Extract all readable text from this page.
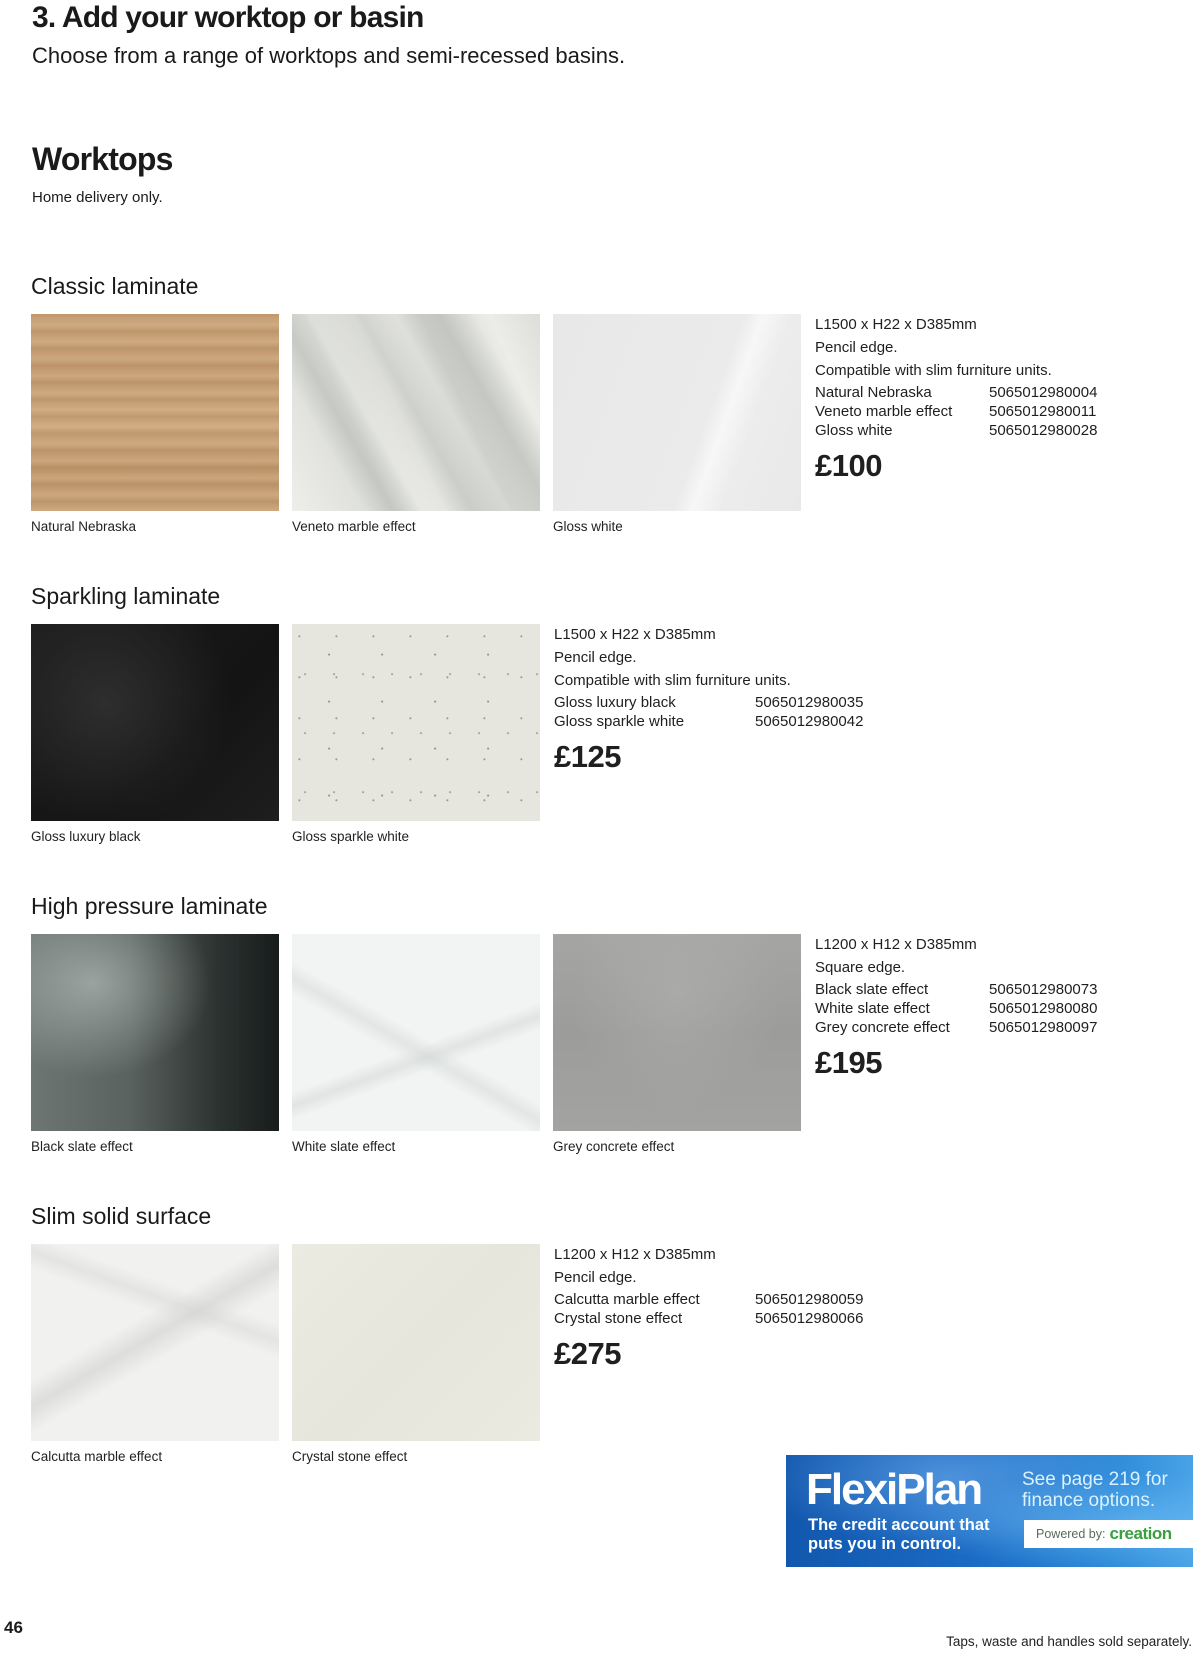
3. Add your worktop or basin
Choose from a range of worktops and semi-recessed basins.
Worktops
Home delivery only.
Classic laminate
Natural Nebraska	Veneto marble effect	Gloss white
L1500 x H22 x D385mm
Pencil edge.
Compatible with slim furniture units.
Natural Nebraska	5065012980004
Veneto marble effect	5065012980011
Gloss white	5065012980028
£100
Sparkling laminate
Gloss luxury black	Gloss sparkle white
L1500 x H22 x D385mm
Pencil edge.
Compatible with slim furniture units.
Gloss luxury black	5065012980035
Gloss sparkle white	5065012980042
£125
High pressure laminate
Black slate effect	White slate effect	Grey concrete effect
L1200 x H12 x D385mm
Square edge.
Black slate effect	5065012980073
White slate effect	5065012980080
Grey concrete effect	5065012980097
£195
Slim solid surface
Calcutta marble effect	Crystal stone effect
L1200 x H12 x D385mm
Pencil edge.
Calcutta marble effect	5065012980059
Crystal stone effect	5065012980066
£275
FlexiPlan
The credit account that
puts you in control.
See page 219 for
finance options.
Powered by: creation
46
Taps, waste and handles sold separately.
